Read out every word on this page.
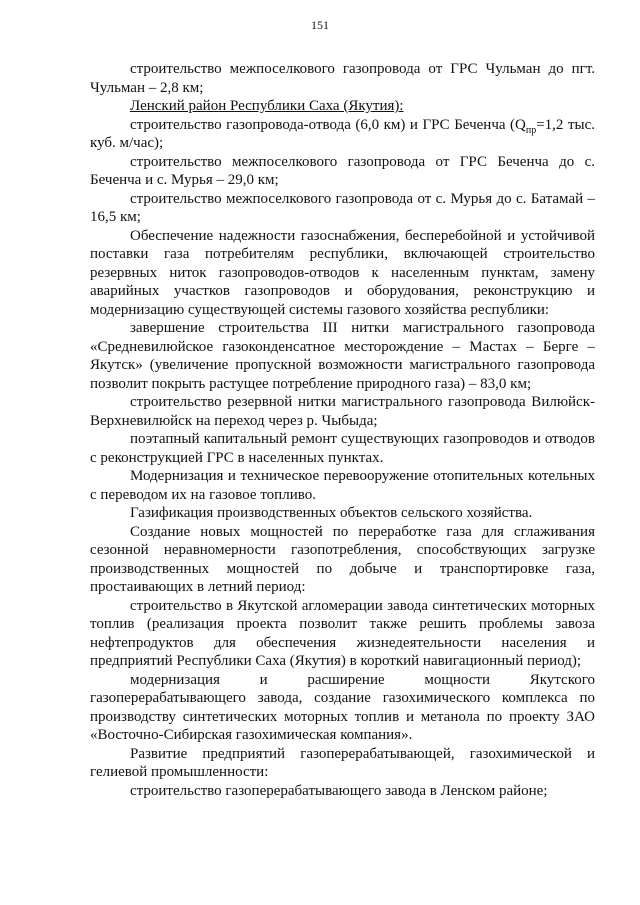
151

строительство межпоселкового газопровода от ГРС Чульман до пгт. Чульман – 2,8 км;

Ленский район Республики Саха (Якутия):

строительство газопровода-отвода (6,0 км) и ГРС Беченча ($Q_{пр}=1,2$ тыс. куб. м/час);

строительство межпоселкового газопровода от ГРС Беченча до с. Беченча и с. Мурья – 29,0 км;

строительство межпоселкового газопровода от с. Мурья до с. Батамай – 16,5 км;

Обеспечение надежности газоснабжения, бесперебойной и устойчивой поставки газа потребителям республики, включающей строительство резервных ниток газопроводов-отводов к населенным пунктам, замену аварийных участков газопроводов и оборудования, реконструкцию и модернизацию существующей системы газового хозяйства республики:

завершение строительства III нитки магистрального газопровода «Средневилюйское газоконденсатное месторождение – Мастах – Берге – Якутск» (увеличение пропускной возможности магистрального газопровода позволит покрыть растущее потребление природного газа) – 83,0 км;

строительство резервной нитки магистрального газопровода Вилюйск-Верхневилюйск на переход через р. Чыбыда;

поэтапный капитальный ремонт существующих газопроводов и отводов с реконструкцией ГРС в населенных пунктах.

Модернизация и техническое перевооружение отопительных котельных с переводом их на газовое топливо.

Газификация производственных объектов сельского хозяйства.

Создание новых мощностей по переработке газа для сглаживания сезонной неравномерности газопотребления, способствующих загрузке производственных мощностей по добыче и транспортировке газа, простаивающих в летний период:

строительство в Якутской агломерации завода синтетических моторных топлив (реализация проекта позволит также решить проблемы завоза нефтепродуктов для обеспечения жизнедеятельности населения и предприятий Республики Саха (Якутия) в короткий навигационный период);

модернизация и расширение мощности Якутского газоперерабатывающего завода, создание газохимического комплекса по производству синтетических моторных топлив и метанола по проекту ЗАО «Восточно-Сибирская газохимическая компания».

Развитие предприятий газоперерабатывающей, газохимической и гелиевой промышленности:

строительство газоперерабатывающего завода в Ленском районе;
